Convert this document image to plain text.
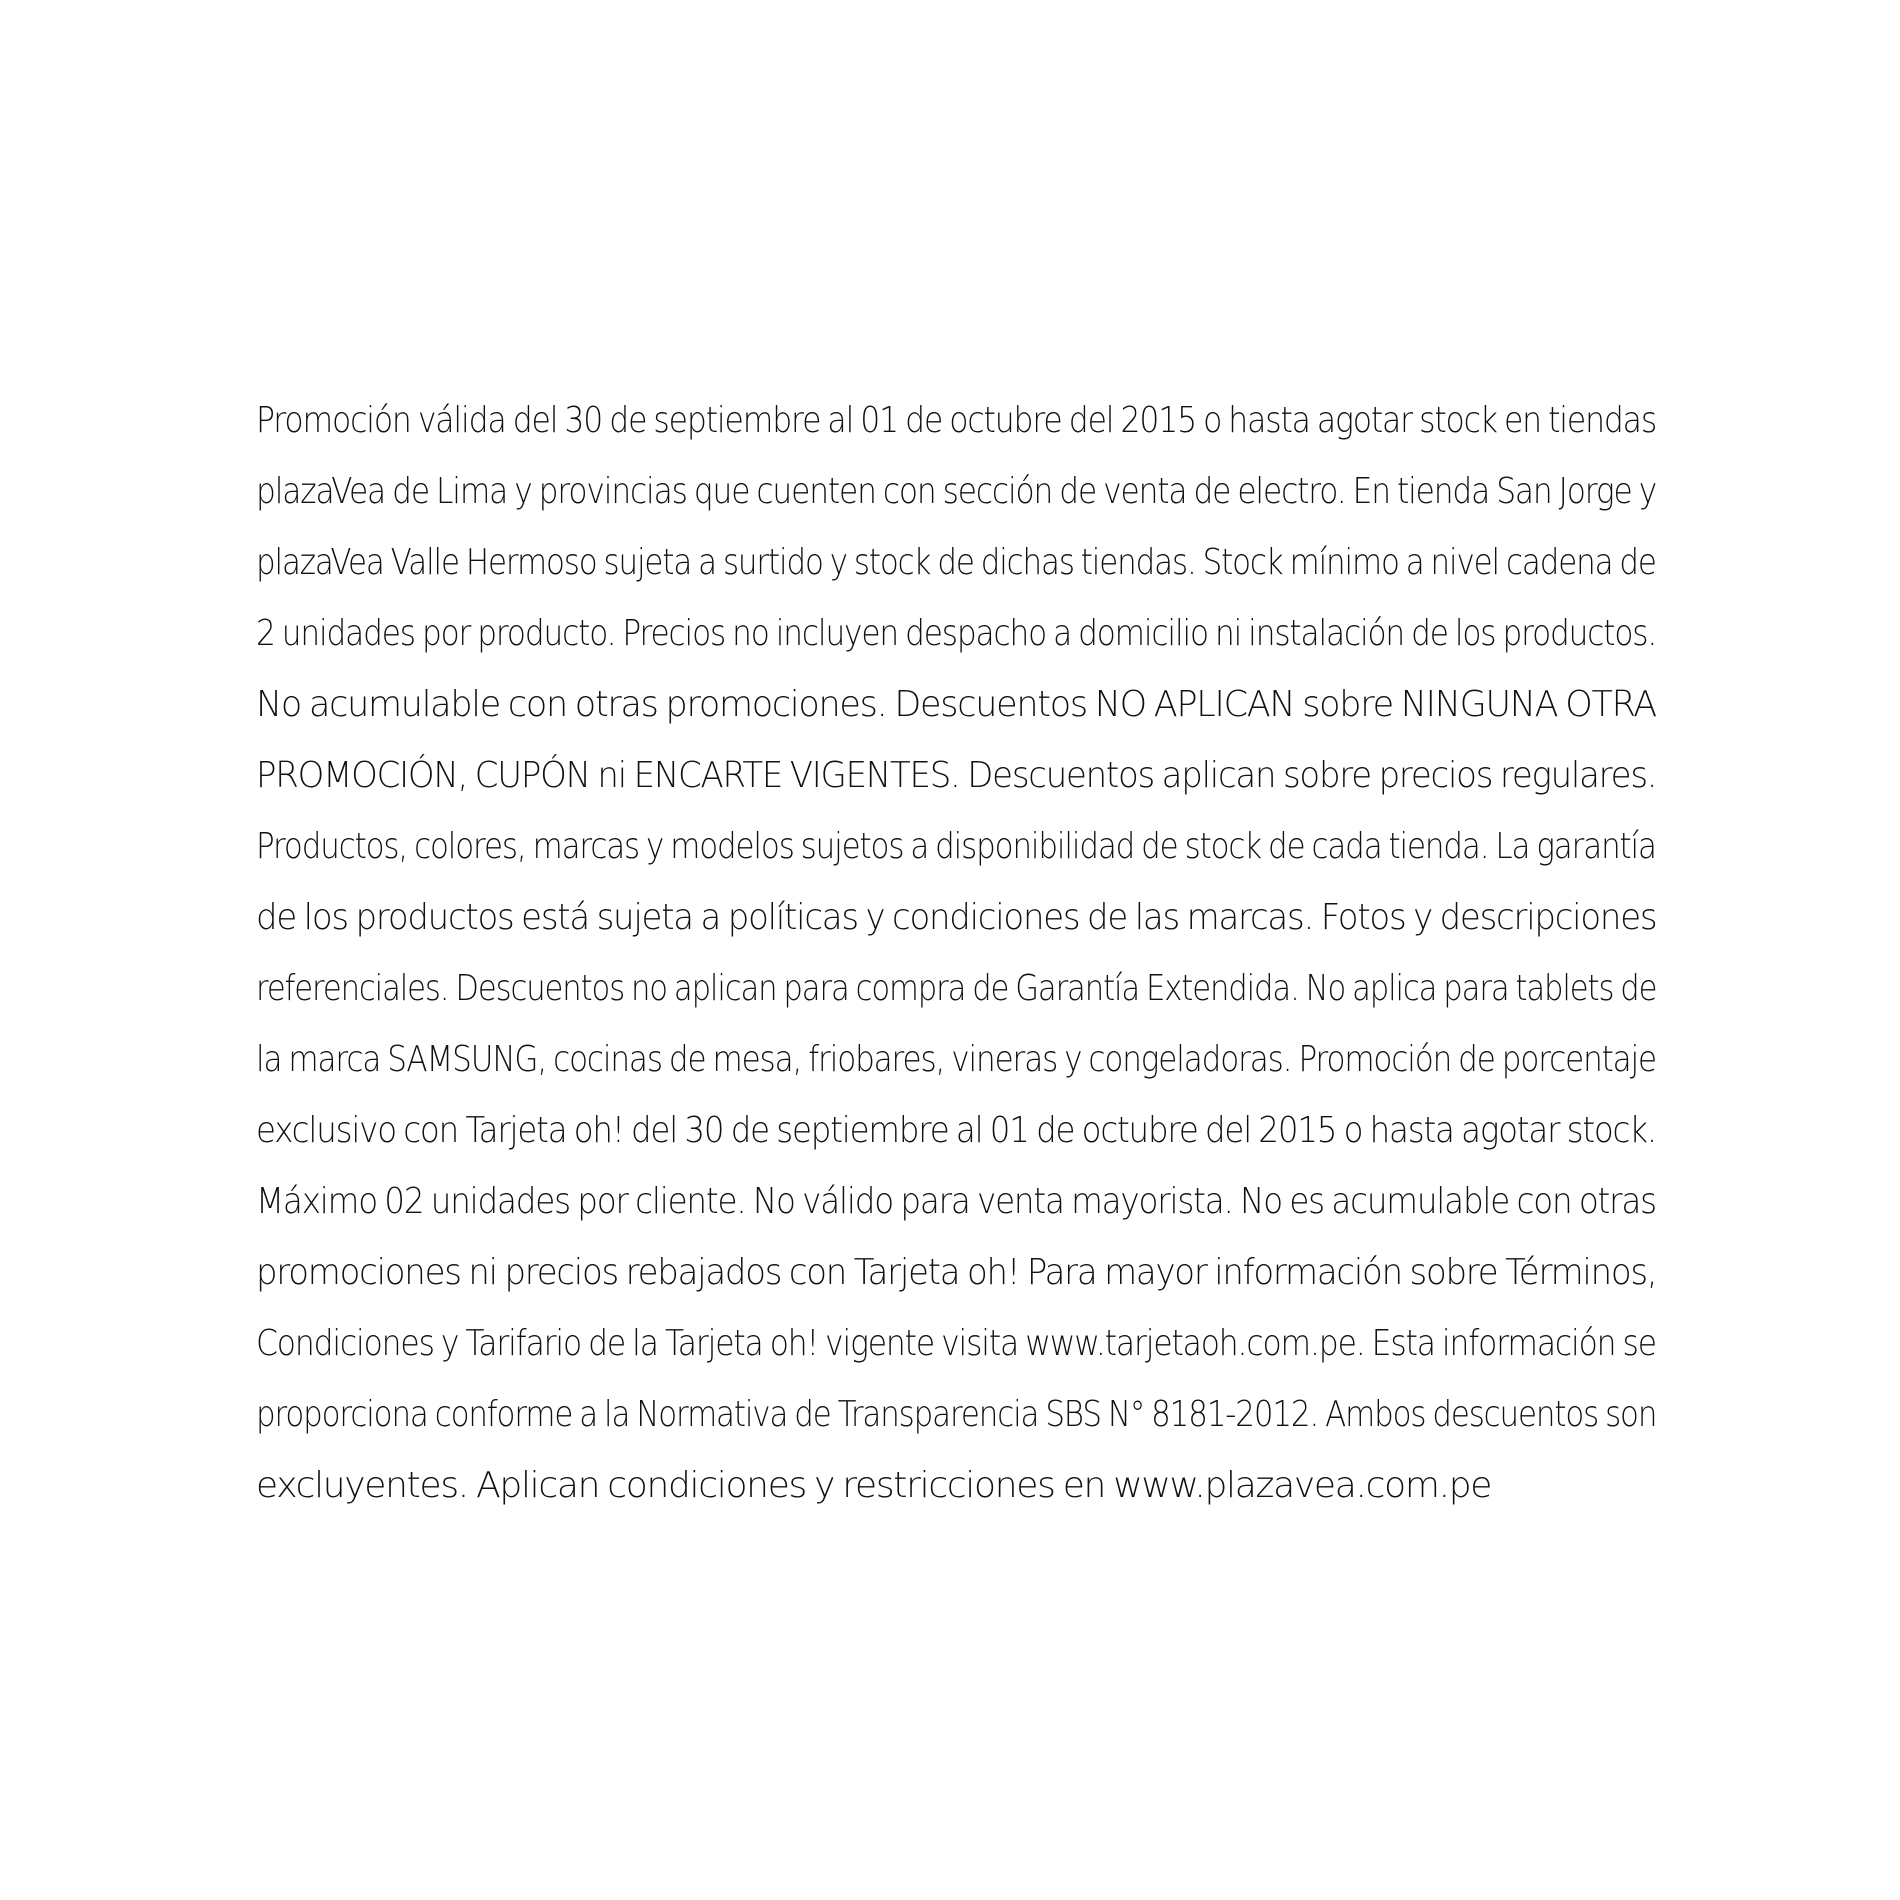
Promoción válida del 30 de septiembre al 01 de octubre del 2015 o hasta agotar stock en tiendas
plazaVea de Lima y provincias que cuenten con sección de venta de electro. En tienda San Jorge y
plazaVea Valle Hermoso sujeta a surtido y stock de dichas tiendas. Stock mínimo a nivel cadena de
2 unidades por producto. Precios no incluyen despacho a domicilio ni instalación de los productos.
No acumulable con otras promociones. Descuentos NO APLICAN sobre NINGUNA OTRA
PROMOCIÓN, CUPÓN ni ENCARTE VIGENTES. Descuentos aplican sobre precios regulares.
Productos, colores, marcas y modelos sujetos a disponibilidad de stock de cada tienda. La garantía
de los productos está sujeta a políticas y condiciones de las marcas. Fotos y descripciones
referenciales. Descuentos no aplican para compra de Garantía Extendida. No aplica para tablets de
la marca SAMSUNG, cocinas de mesa, friobares, vineras y congeladoras. Promoción de porcentaje
exclusivo con Tarjeta oh! del 30 de septiembre al 01 de octubre del 2015 o hasta agotar stock.
Máximo 02 unidades por cliente. No válido para venta mayorista. No es acumulable con otras
promociones ni precios rebajados con Tarjeta oh! Para mayor información sobre Términos,
Condiciones y Tarifario de la Tarjeta oh! vigente visita www.tarjetaoh.com.pe. Esta información se
proporciona conforme a la Normativa de Transparencia SBS N° 8181-2012. Ambos descuentos son
excluyentes. Aplican condiciones y restricciones en www.plazavea.com.pe
